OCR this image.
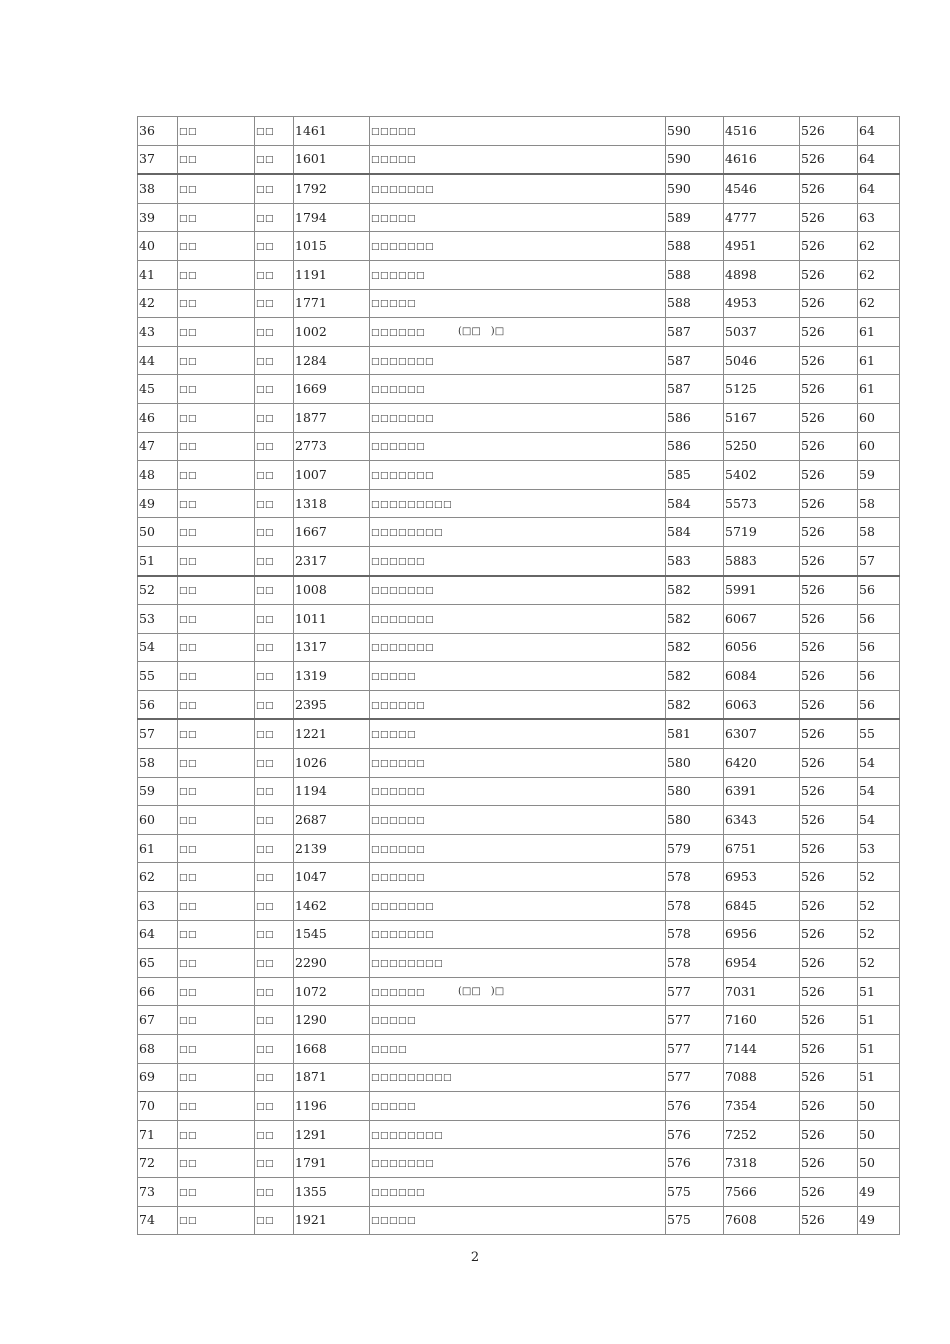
36	□□	□□	1461	□□□□□	590	4516	526	64
37	□□	□□	1601	□□□□□	590	4616	526	64
38	□□	□□	1792	□□□□□□□	590	4546	526	64
39	□□	□□	1794	□□□□□	589	4777	526	63
40	□□	□□	1015	□□□□□□□	588	4951	526	62
41	□□	□□	1191	□□□□□□	588	4898	526	62
42	□□	□□	1771	□□□□□	588	4953	526	62
43	□□	□□	1002	□□□□□□ (□□　)□	587	5037	526	61
44	□□	□□	1284	□□□□□□□	587	5046	526	61
45	□□	□□	1669	□□□□□□	587	5125	526	61
46	□□	□□	1877	□□□□□□□	586	5167	526	60
47	□□	□□	2773	□□□□□□	586	5250	526	60
48	□□	□□	1007	□□□□□□□	585	5402	526	59
49	□□	□□	1318	□□□□□□□□□	584	5573	526	58
50	□□	□□	1667	□□□□□□□□	584	5719	526	58
51	□□	□□	2317	□□□□□□	583	5883	526	57
52	□□	□□	1008	□□□□□□□	582	5991	526	56
53	□□	□□	1011	□□□□□□□	582	6067	526	56
54	□□	□□	1317	□□□□□□□	582	6056	526	56
55	□□	□□	1319	□□□□□	582	6084	526	56
56	□□	□□	2395	□□□□□□	582	6063	526	56
57	□□	□□	1221	□□□□□	581	6307	526	55
58	□□	□□	1026	□□□□□□	580	6420	526	54
59	□□	□□	1194	□□□□□□	580	6391	526	54
60	□□	□□	2687	□□□□□□	580	6343	526	54
61	□□	□□	2139	□□□□□□	579	6751	526	53
62	□□	□□	1047	□□□□□□	578	6953	526	52
63	□□	□□	1462	□□□□□□□	578	6845	526	52
64	□□	□□	1545	□□□□□□□	578	6956	526	52
65	□□	□□	2290	□□□□□□□□	578	6954	526	52
66	□□	□□	1072	□□□□□□ (□□　)□	577	7031	526	51
67	□□	□□	1290	□□□□□	577	7160	526	51
68	□□	□□	1668	□□□□	577	7144	526	51
69	□□	□□	1871	□□□□□□□□□	577	7088	526	51
70	□□	□□	1196	□□□□□	576	7354	526	50
71	□□	□□	1291	□□□□□□□□	576	7252	526	50
72	□□	□□	1791	□□□□□□□	576	7318	526	50
73	□□	□□	1355	□□□□□□	575	7566	526	49
74	□□	□□	1921	□□□□□	575	7608	526	49
2
